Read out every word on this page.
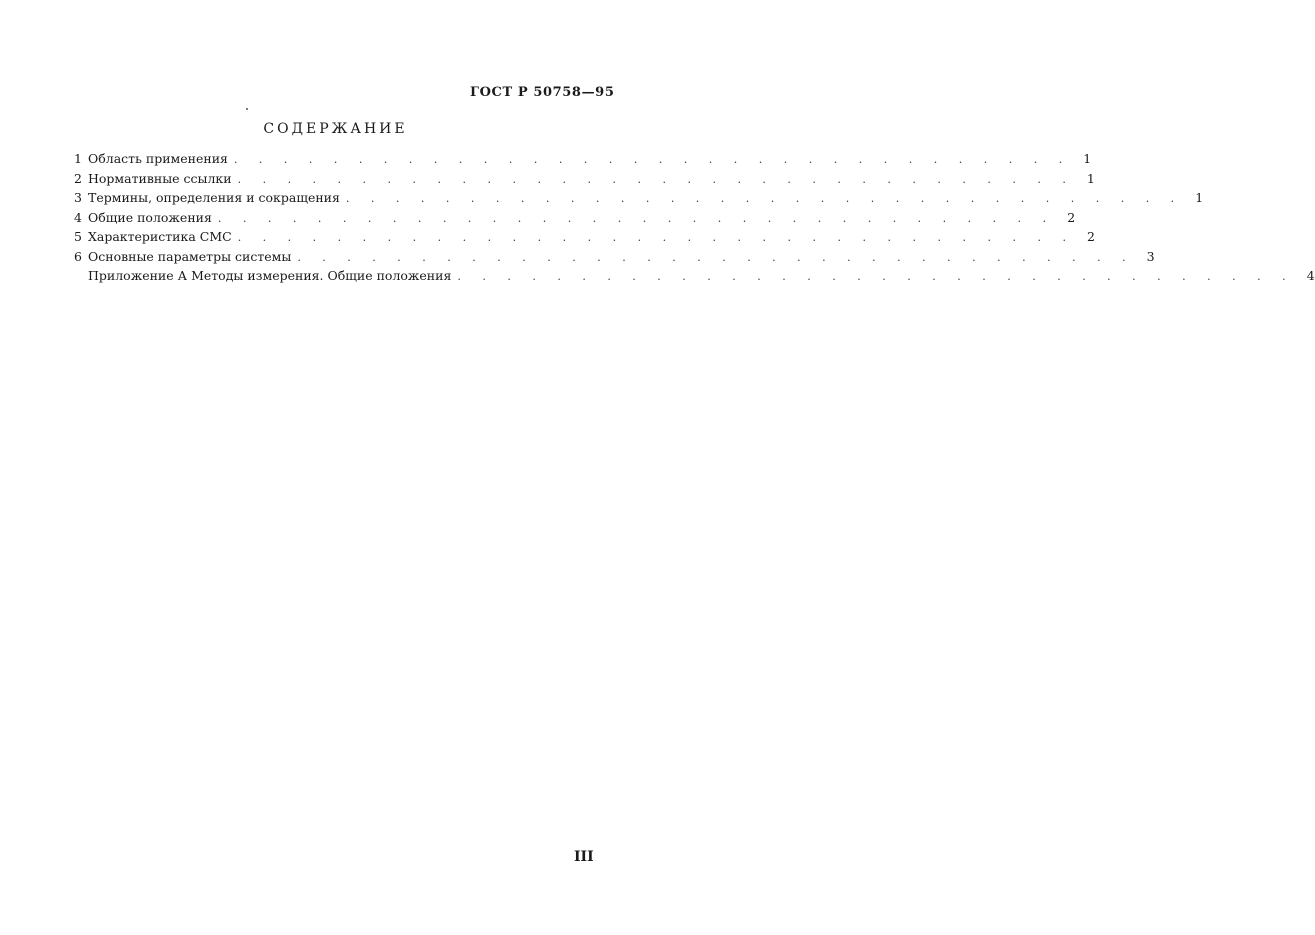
ГОСТ Р 50758—95
СОДЕРЖАНИЕ
1 Область применения . . . . . . . . . . . . . . . . . . . . . . . . . . . . . . . . . . 1
2 Нормативные ссылки . . . . . . . . . . . . . . . . . . . . . . . . . . . . . . . . . . 1
3 Термины, определения и сокращения . . . . . . . . . . . . . . . . . . . . . . . . . . . . . . . . . . 1
4 Общие положения . . . . . . . . . . . . . . . . . . . . . . . . . . . . . . . . . . 2
5 Характеристика СМС . . . . . . . . . . . . . . . . . . . . . . . . . . . . . . . . . . 2
6 Основные параметры системы . . . . . . . . . . . . . . . . . . . . . . . . . . . . . . . . . . 3
Приложение А Методы измерения. Общие положения . . . . . . . . . . . . . . . . . . . . . . . . . . . . . . . . . . 4
III
